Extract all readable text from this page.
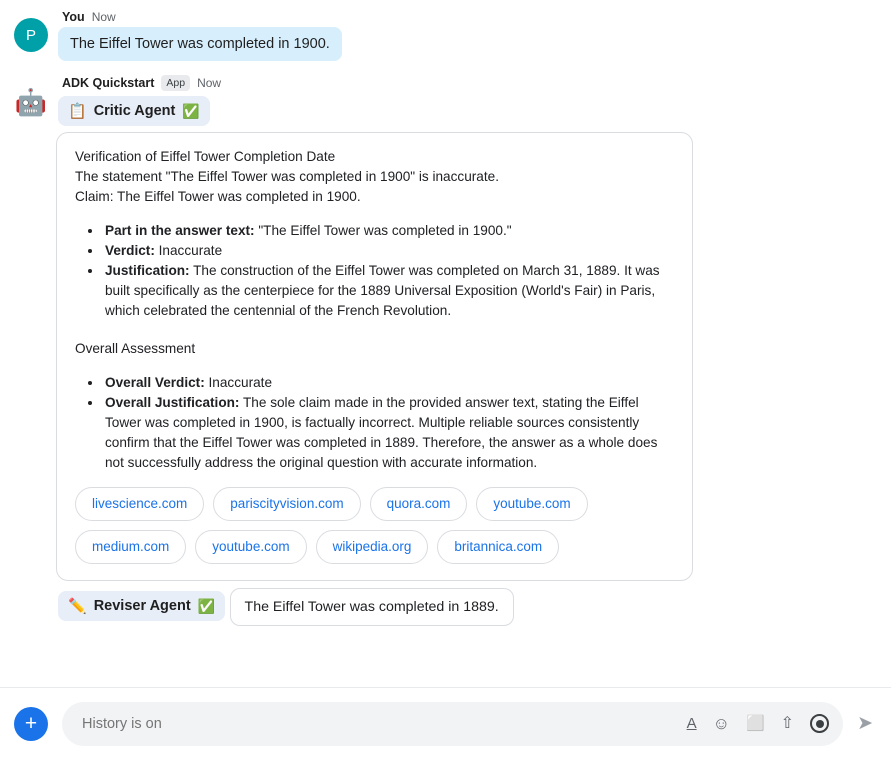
P
You Now
The Eiffel Tower was completed in 1900.
🤖
ADK Quickstart	App	Now
📋 Critic Agent ✅

Verification of Eiffel Tower Completion Date

The statement "The Eiffel Tower was completed in 1900" is inaccurate.

Claim: The Eiffel Tower was completed in 1900.

• Part in the answer text: "The Eiffel Tower was completed in 1900."
• Verdict: Inaccurate
• Justification: The construction of the Eiffel Tower was completed on March 31, 1889. It was built specifically as the centerpiece for the 1889 Universal Exposition (World's Fair) in Paris, which celebrated the centennial of the French Revolution.

Overall Assessment

• Overall Verdict: Inaccurate
• Overall Justification: The sole claim made in the provided answer text, stating the Eiffel Tower was completed in 1900, is factually incorrect. Multiple reliable sources consistently confirm that the Eiffel Tower was completed in 1889. Therefore, the answer as a whole does not successfully address the original question with accurate information.
livescience.com	pariscityvision.com	quora.com	youtube.com
medium.com	youtube.com	wikipedia.org	britannica.com
✏️ Reviser Agent ✅ The Eiffel Tower was completed in 1889.
+
History is on	A ☺ ⬜ ⇧	➤
